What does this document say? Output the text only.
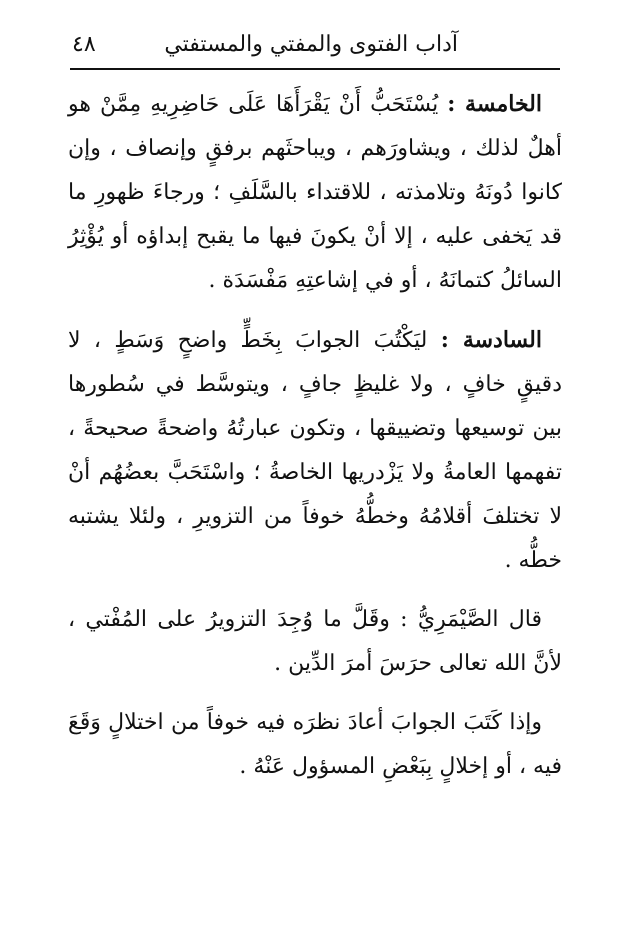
آداب الفتوى والمفتي والمستفتي
٤٨

الخامسة : يُسْتَحَبُّ أَنْ يَقْرَأَهَا عَلَى حَاضِرِيهِ مِمَّنْ هو أهلٌ لذلك ، ويشاورَهم ، ويباحثَهم برفقٍ وإنصاف ، وإن كانوا دُونَهُ وتلامذته ، للاقتداء بالسَّلَفِ ؛ ورجاءَ ظهورِ ما قد يَخفى عليه ، إلا أنْ يكونَ فيها ما يقبح إبداؤه أو يُؤْثِرُ السائلُ كتمانَهُ ، أو في إشاعتِهِ مَفْسَدَة .

السادسة : ليَكْتُبَ الجوابَ بِخَطٍّ واضحٍ وَسَطٍ ، لا دقيقٍ خافٍ ، ولا غليظٍ جافٍ ، ويتوسَّط في سُطورها بين توسيعها وتضييقها ، وتكون عبارتُهُ واضحةً صحيحةً ، تفهمها العامةُ ولا يَزْدريها الخاصةُ ؛ واسْتَحَبَّ بعضُهُم أنْ لا تختلفَ أقلامُهُ وخطُّهُ خوفاً من التزويرِ ، ولئلا يشتبه خطُّه .

قال الصَّيْمَرِيُّ : وقَلَّ ما وُجِدَ التزويرُ على المُفْتي ، لأنَّ الله تعالى حرَسَ أمرَ الدِّين .

وإذا كَتَبَ الجوابَ أعادَ نظرَه فيه خوفاً من اختلالٍ وَقَعَ فيه ، أو إخلالٍ بِبَعْضِ المسؤول عَنْهُ .
